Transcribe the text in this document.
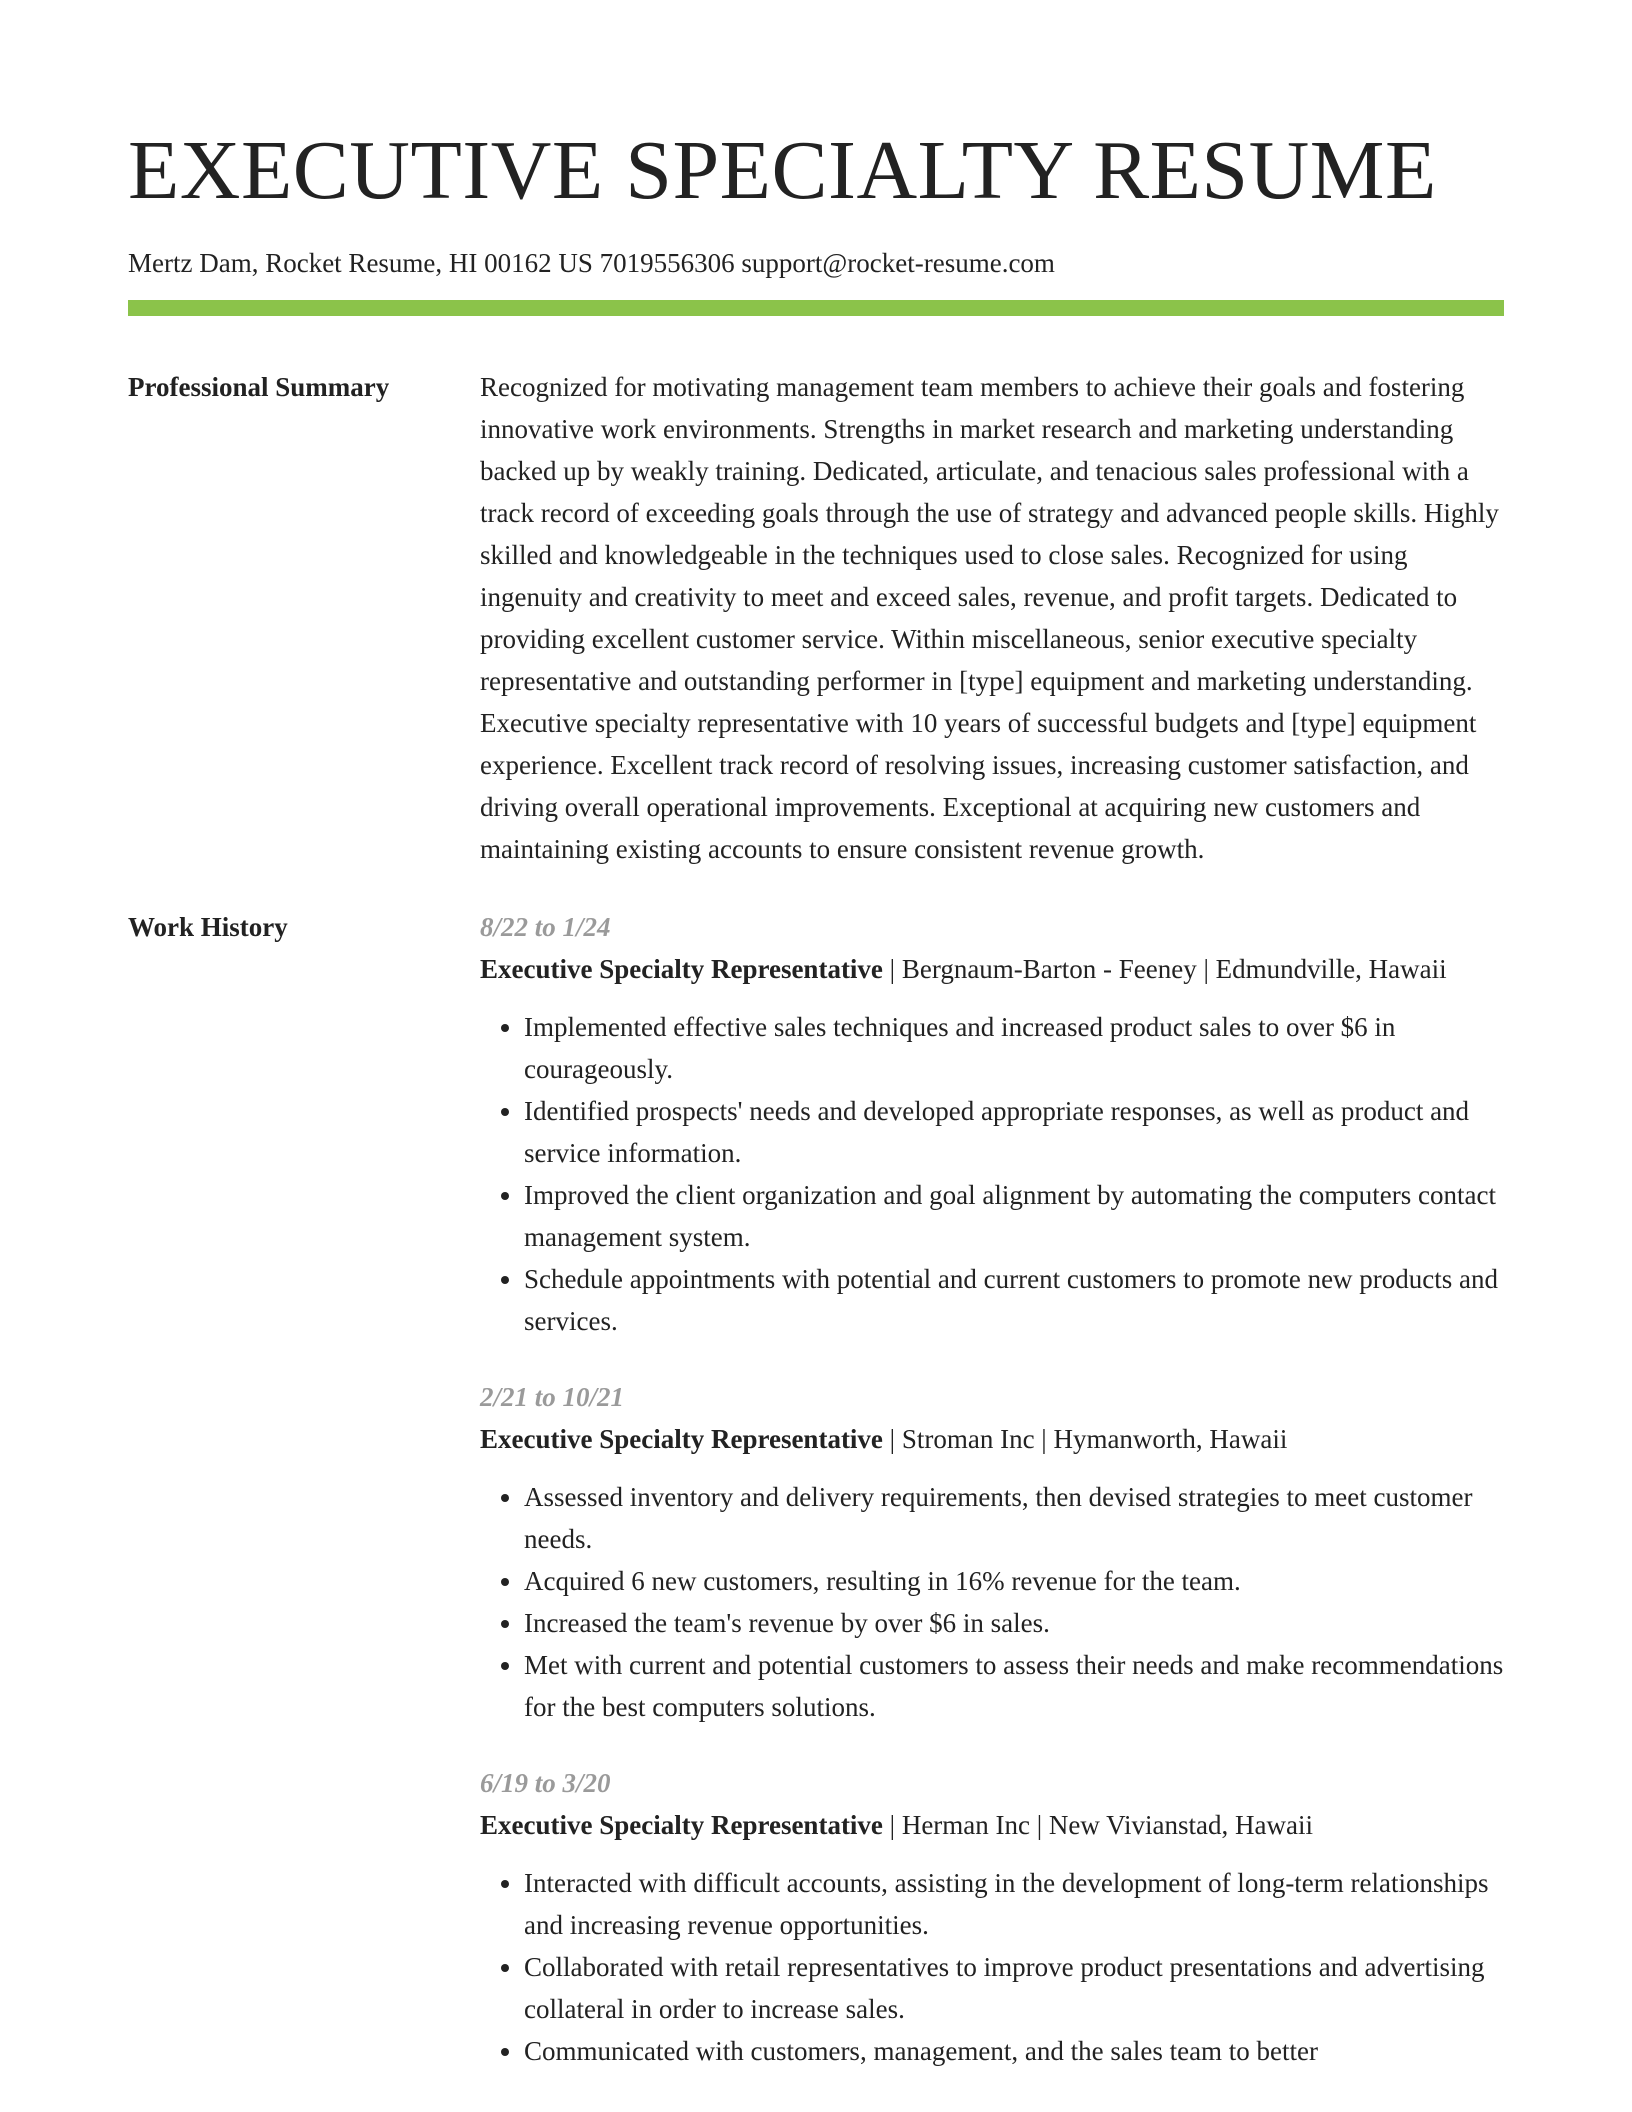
EXECUTIVE SPECIALTY RESUME
Mertz Dam, Rocket Resume, HI 00162 US 7019556306 support@rocket-resume.com
Professional Summary	Recognized for motivating management team members to achieve their goals and fostering innovative work environments. Strengths in market research and marketing understanding backed up by weakly training. Dedicated, articulate, and tenacious sales professional with a track record of exceeding goals through the use of strategy and advanced people skills. Highly skilled and knowledgeable in the techniques used to close sales. Recognized for using ingenuity and creativity to meet and exceed sales, revenue, and profit targets. Dedicated to providing excellent customer service. Within miscellaneous, senior executive specialty representative and outstanding performer in [type] equipment and marketing understanding. Executive specialty representative with 10 years of successful budgets and [type] equipment experience. Excellent track record of resolving issues, increasing customer satisfaction, and driving overall operational improvements. Exceptional at acquiring new customers and maintaining existing accounts to ensure consistent revenue growth.

Work History	8/22 to 1/24
Executive Specialty Representative | Bergnaum-Barton - Feeney | Edmundville, Hawaii
• Implemented effective sales techniques and increased product sales to over $6 in courageously.
• Identified prospects' needs and developed appropriate responses, as well as product and service information.
• Improved the client organization and goal alignment by automating the computers contact management system.
• Schedule appointments with potential and current customers to promote new products and services.
2/21 to 10/21
Executive Specialty Representative | Stroman Inc | Hymanworth, Hawaii
• Assessed inventory and delivery requirements, then devised strategies to meet customer needs.
• Acquired 6 new customers, resulting in 16% revenue for the team.
• Increased the team's revenue by over $6 in sales.
• Met with current and potential customers to assess their needs and make recommendations for the best computers solutions.
6/19 to 3/20
Executive Specialty Representative | Herman Inc | New Vivianstad, Hawaii
• Interacted with difficult accounts, assisting in the development of long-term relationships and increasing revenue opportunities.
• Collaborated with retail representatives to improve product presentations and advertising collateral in order to increase sales.
• Communicated with customers, management, and the sales team to better
